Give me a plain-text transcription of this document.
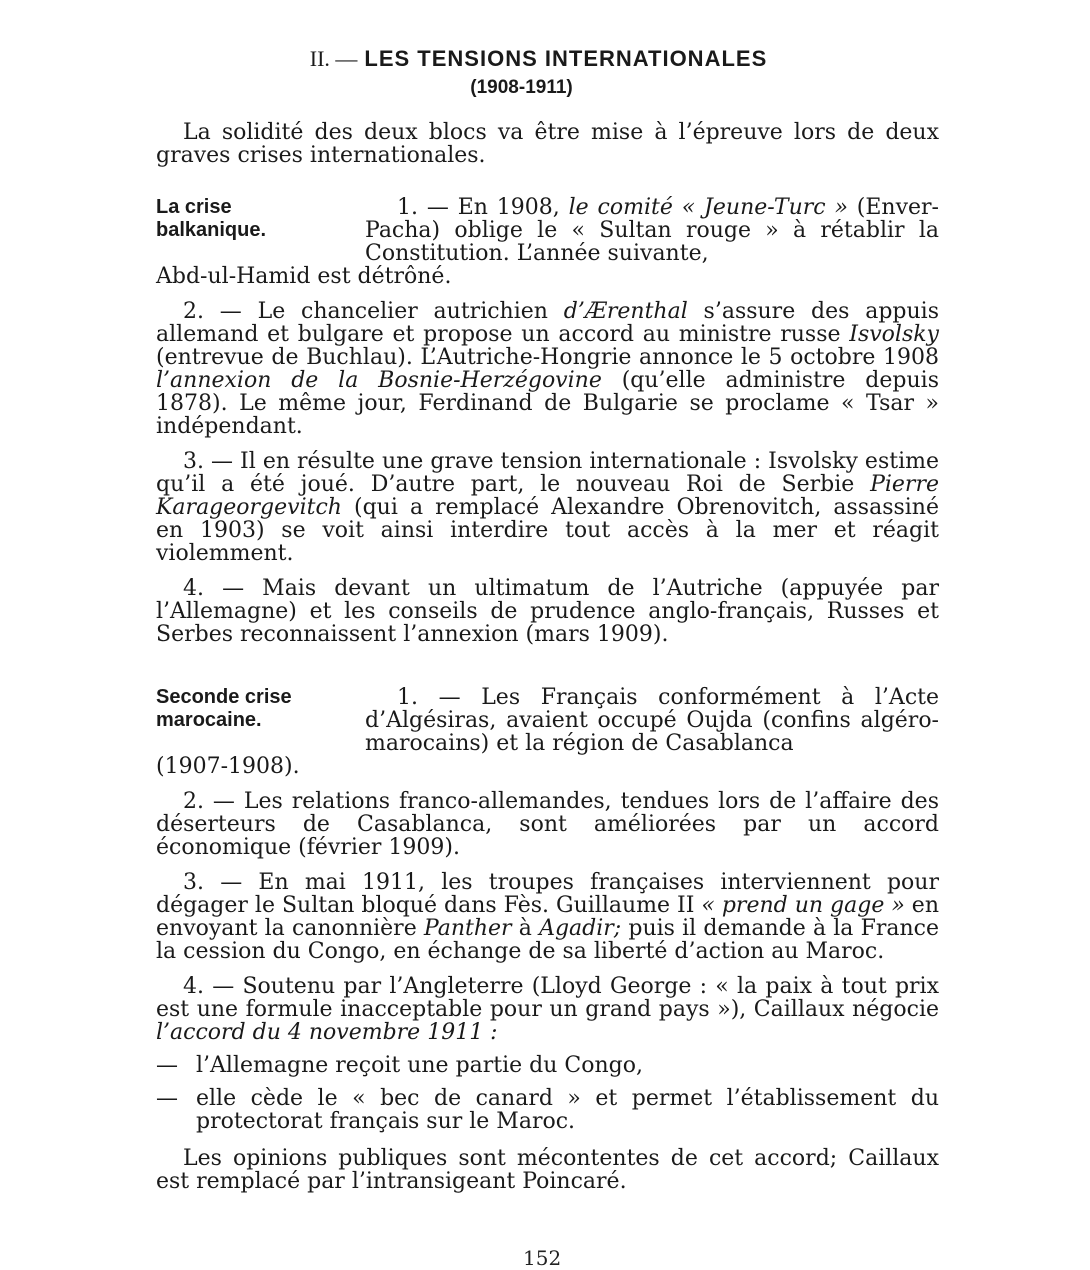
II. — LES TENSIONS INTERNATIONALES
(1908-1911)

La solidité des deux blocs va être mise à l’épreuve lors de deux graves crises internationales.

La crise
balkanique.

1. — En 1908, le comité « Jeune-Turc » (Enver-Pacha) oblige le « Sultan rouge » à rétablir la Constitution. L’année suivante,

Abd-ul-Hamid est détrôné.

2. — Le chancelier autrichien d’Ærenthal s’assure des appuis allemand et bulgare et propose un accord au ministre russe Isvolsky (entrevue de Buchlau). L’Autriche-Hongrie annonce le 5 octobre 1908 l’annexion de la Bosnie-Herzégovine (qu’elle administre depuis 1878). Le même jour, Ferdinand de Bulgarie se proclame « Tsar » indépendant.

3. — Il en résulte une grave tension internationale : Isvolsky estime qu’il a été joué. D’autre part, le nouveau Roi de Serbie Pierre Karageorgevitch (qui a remplacé Alexandre Obrenovitch, assassiné en 1903) se voit ainsi interdire tout accès à la mer et réagit violemment.

4. — Mais devant un ultimatum de l’Autriche (appuyée par l’Allemagne) et les conseils de prudence anglo-français, Russes et Serbes reconnaissent l’annexion (mars 1909).

Seconde crise
marocaine.

1. — Les Français conformément à l’Acte d’Algésiras, avaient occupé Oujda (confins algéro-marocains) et la région de Casablanca

(1907-1908).

2. — Les relations franco-allemandes, tendues lors de l’affaire des déserteurs de Casablanca, sont améliorées par un accord économique (février 1909).

3. — En mai 1911, les troupes françaises interviennent pour dégager le Sultan bloqué dans Fès. Guillaume II « prend un gage » en envoyant la canonnière Panther à Agadir; puis il demande à la France la cession du Congo, en échange de sa liberté d’action au Maroc.

4. — Soutenu par l’Angleterre (Lloyd George : « la paix à tout prix est une formule inacceptable pour un grand pays »), Caillaux négocie l’accord du 4 novembre 1911 :

— l’Allemagne reçoit une partie du Congo,

— elle cède le « bec de canard » et permet l’établissement du protectorat français sur le Maroc.

Les opinions publiques sont mécontentes de cet accord; Caillaux est remplacé par l’intransigeant Poincaré.

152
